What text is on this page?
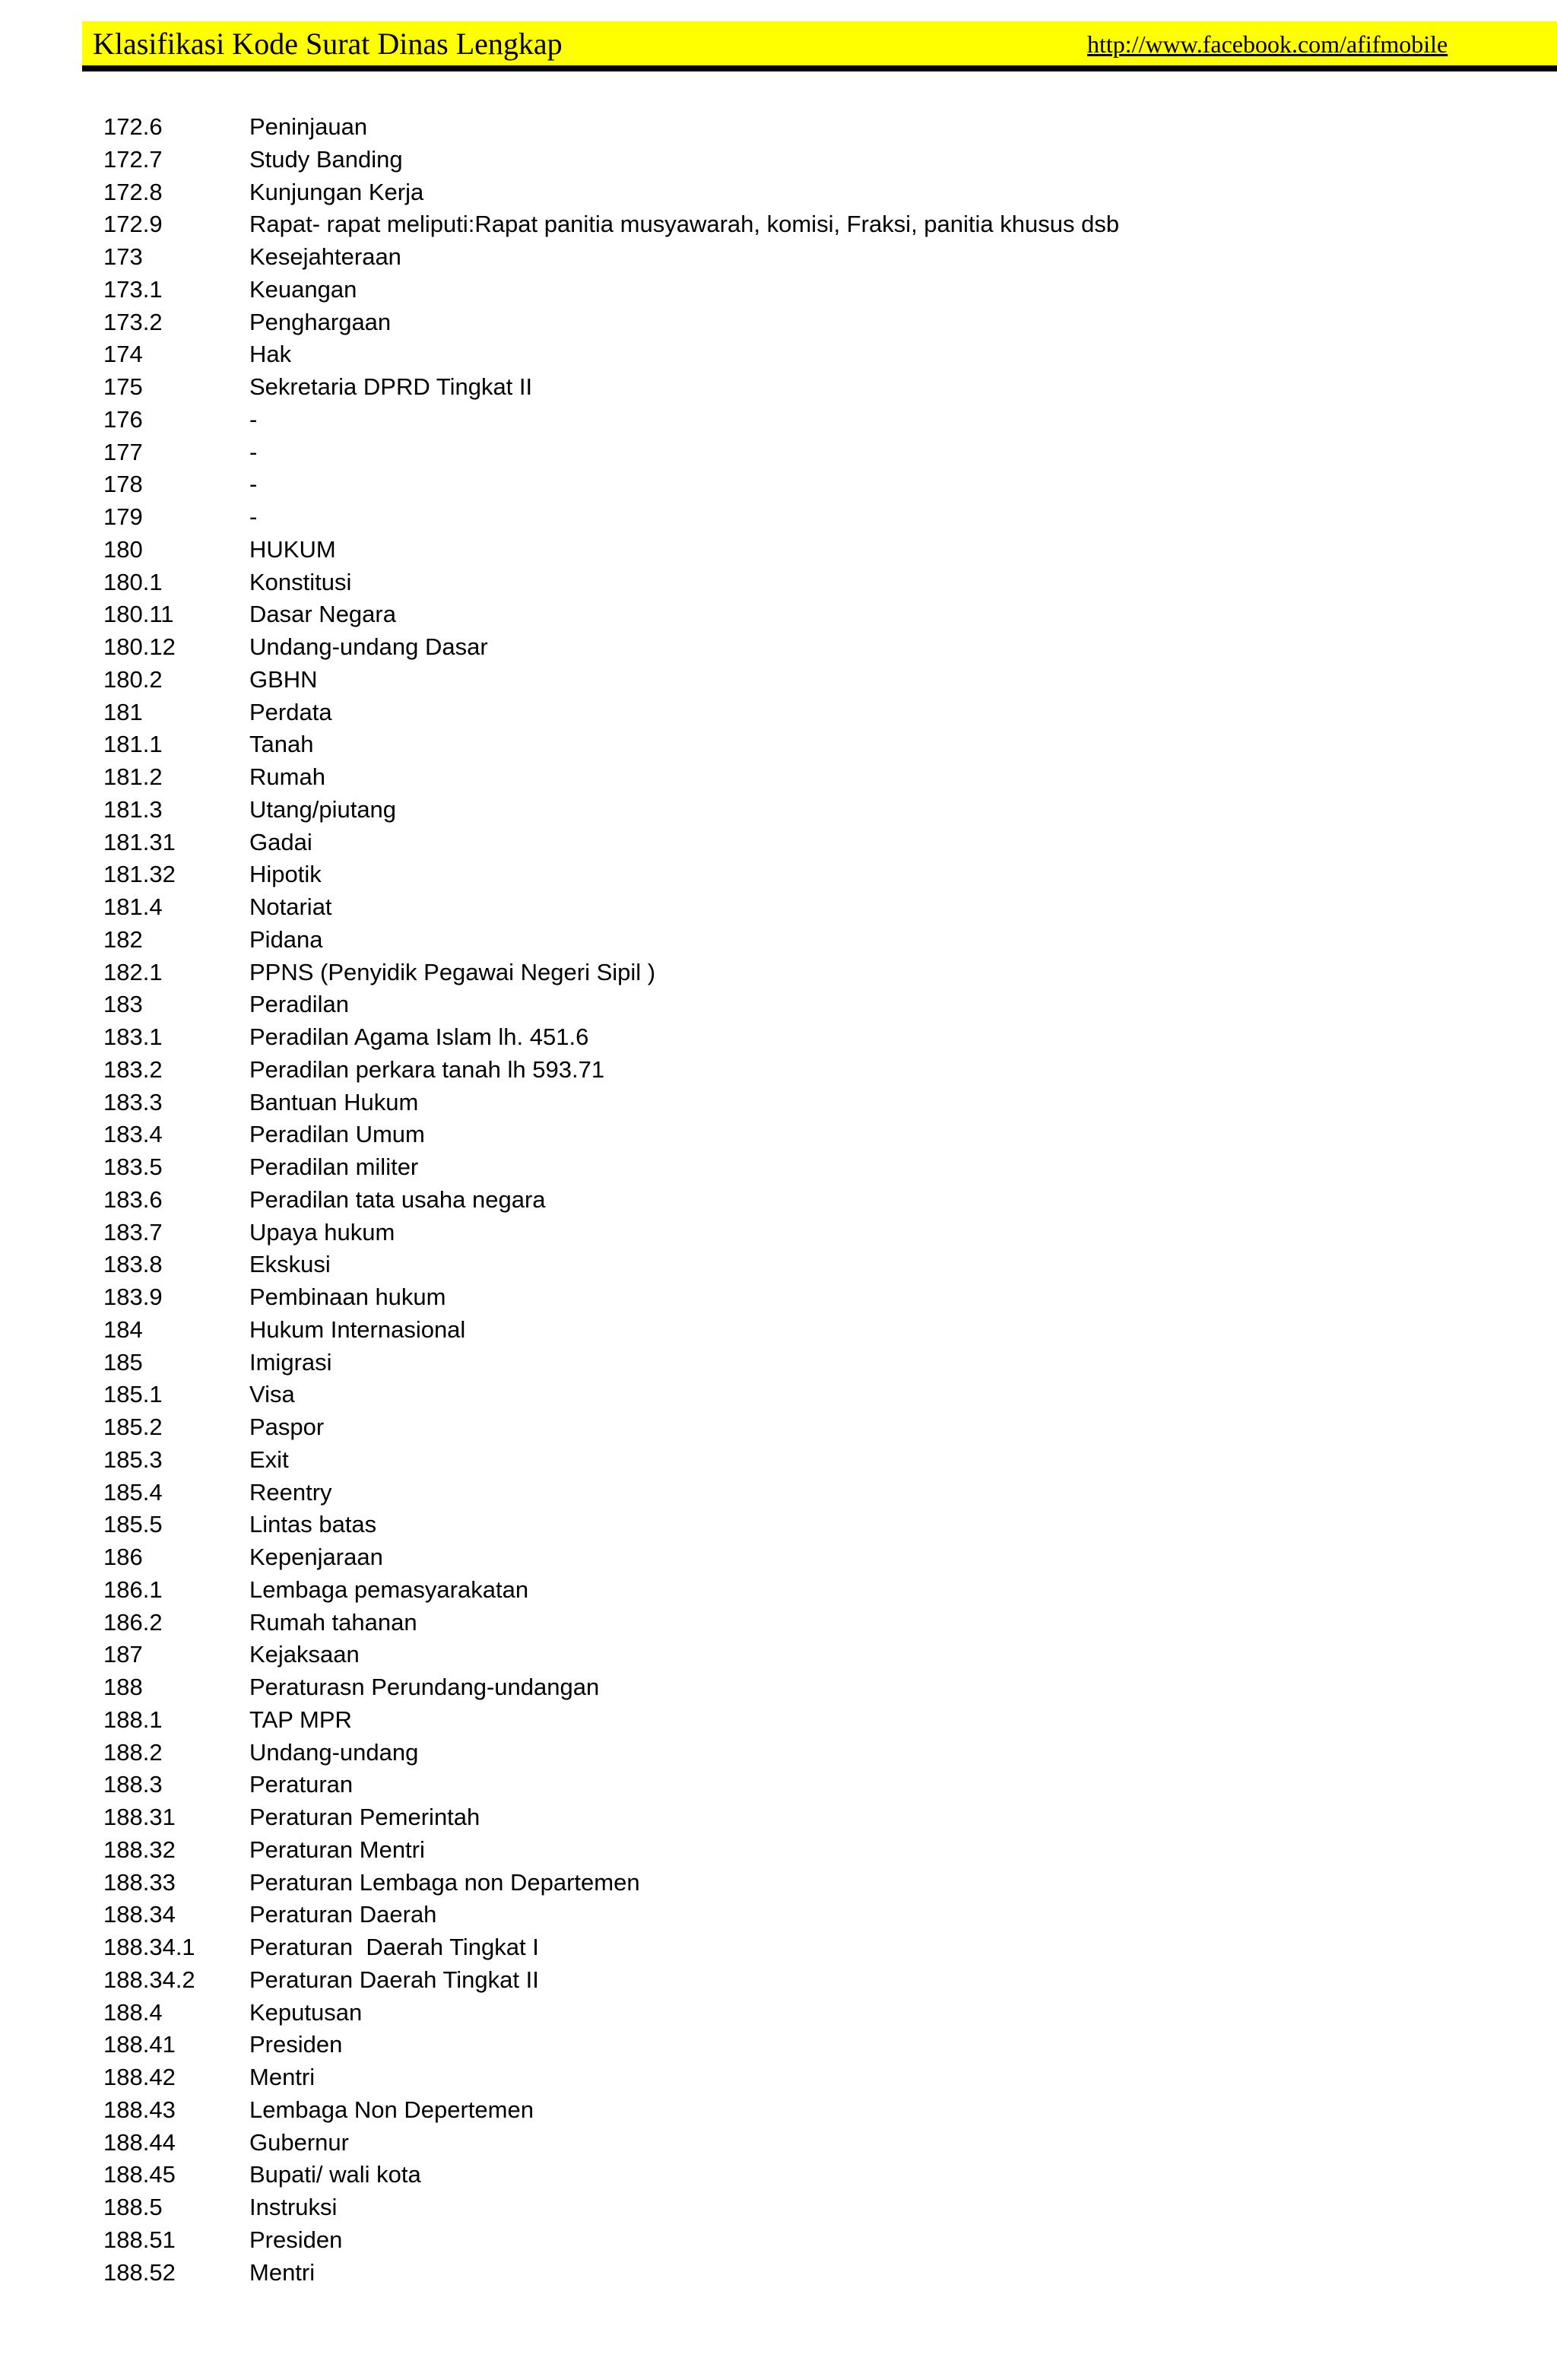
Klasifikasi Kode Surat Dinas Lengkap	http://www.facebook.com/afifmobile
172.6	Peninjauan
172.7	Study Banding
172.8	Kunjungan Kerja
172.9	Rapat- rapat meliputi:Rapat panitia musyawarah, komisi, Fraksi, panitia khusus dsb
173	Kesejahteraan
173.1	Keuangan
173.2	Penghargaan
174	Hak
175	Sekretaria DPRD Tingkat II
176	-
177	-
178	-
179	-
180	HUKUM
180.1	Konstitusi
180.11	Dasar Negara
180.12	Undang-undang Dasar
180.2	GBHN
181	Perdata
181.1	Tanah
181.2	Rumah
181.3	Utang/piutang
181.31	Gadai
181.32	Hipotik
181.4	Notariat
182	Pidana
182.1	PPNS (Penyidik Pegawai Negeri Sipil )
183	Peradilan
183.1	Peradilan Agama Islam lh. 451.6
183.2	Peradilan perkara tanah lh 593.71
183.3	Bantuan Hukum
183.4	Peradilan Umum
183.5	Peradilan militer
183.6	Peradilan tata usaha negara
183.7	Upaya hukum
183.8	Ekskusi
183.9	Pembinaan hukum
184	Hukum Internasional
185	Imigrasi
185.1	Visa
185.2	Paspor
185.3	Exit
185.4	Reentry
185.5	Lintas batas
186	Kepenjaraan
186.1	Lembaga pemasyarakatan
186.2	Rumah tahanan
187	Kejaksaan
188	Peraturasn Perundang-undangan
188.1	TAP MPR
188.2	Undang-undang
188.3	Peraturan
188.31	Peraturan Pemerintah
188.32	Peraturan Mentri
188.33	Peraturan Lembaga non Departemen
188.34	Peraturan Daerah
188.34.1 Peraturan  Daerah Tingkat I
188.34.2 Peraturan Daerah Tingkat II
188.4	Keputusan
188.41	Presiden
188.42	Mentri
188.43	Lembaga Non Depertemen
188.44	Gubernur
188.45	Bupati/ wali kota
188.5	Instruksi
188.51	Presiden
188.52	Mentri
